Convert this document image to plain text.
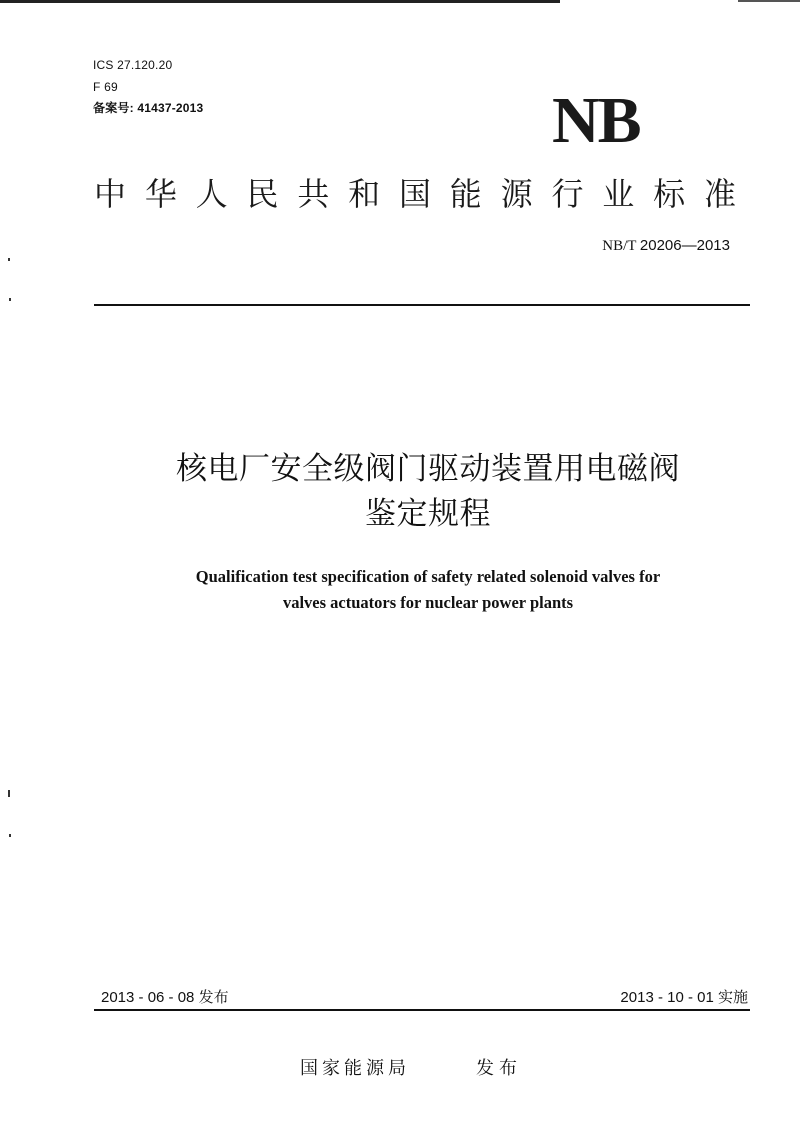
ICS 27.120.20
F 69
备案号: 41437-2013	NB
中 华 人 民 共 和 国 能 源 行 业 标 准
NB/T 20206—2013
核电厂安全级阀门驱动装置用电磁阀
鉴定规程
Qualification test specification of safety related solenoid valves for
valves actuators for nuclear power plants
2013 - 06 - 08 发布	2013 - 10 - 01 实施
国家能源局	发 布
